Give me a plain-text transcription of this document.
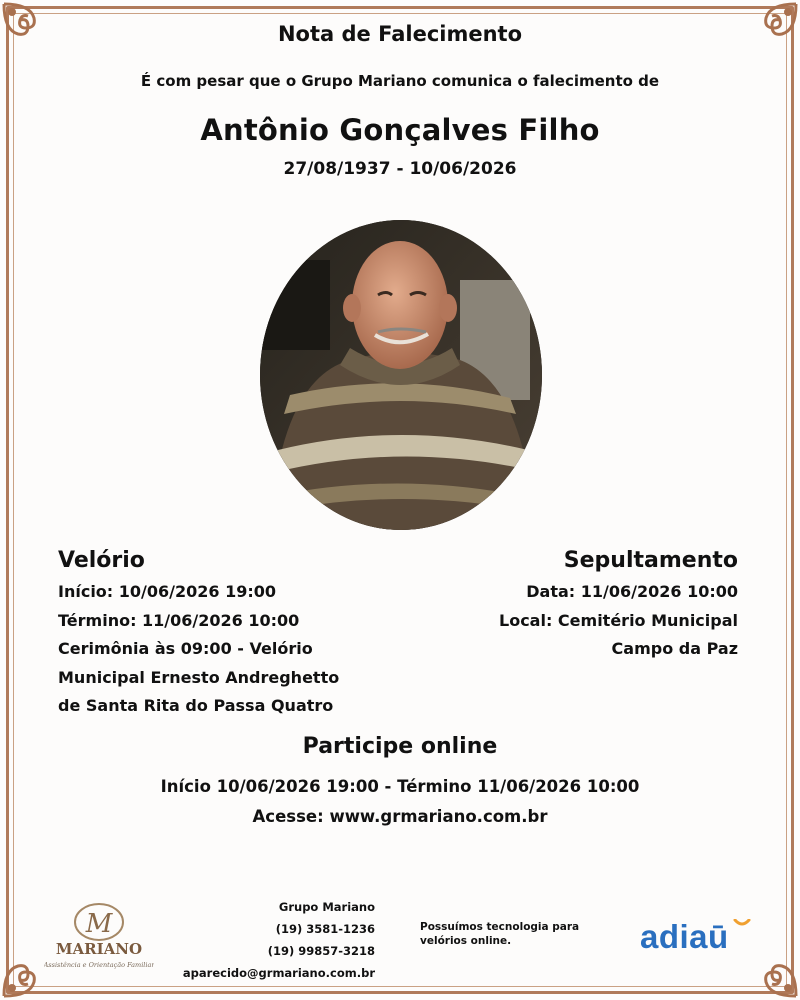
Nota de Falecimento
É com pesar que o Grupo Mariano comunica o falecimento de
Antônio Gonçalves Filho
27/08/1937 - 10/06/2026
Velório
Início: 10/06/2026 19:00
Término: 11/06/2026 10:00
Cerimônia às 09:00 - Velório
Municipal Ernesto Andreghetto
de Santa Rita do Passa Quatro
Sepultamento
Data: 11/06/2026 10:00
Local: Cemitério Municipal
Campo da Paz
Participe online
Início 10/06/2026 19:00 - Término 11/06/2026 10:00
Acesse: www.grmariano.com.br
M
MARIANO
Assistência e Orientação Familiar
Grupo Mariano
(19) 3581-1236
(19) 99857-3218
aparecido@grmariano.com.br
Possuímos tecnologia para velórios online.	adiaū
